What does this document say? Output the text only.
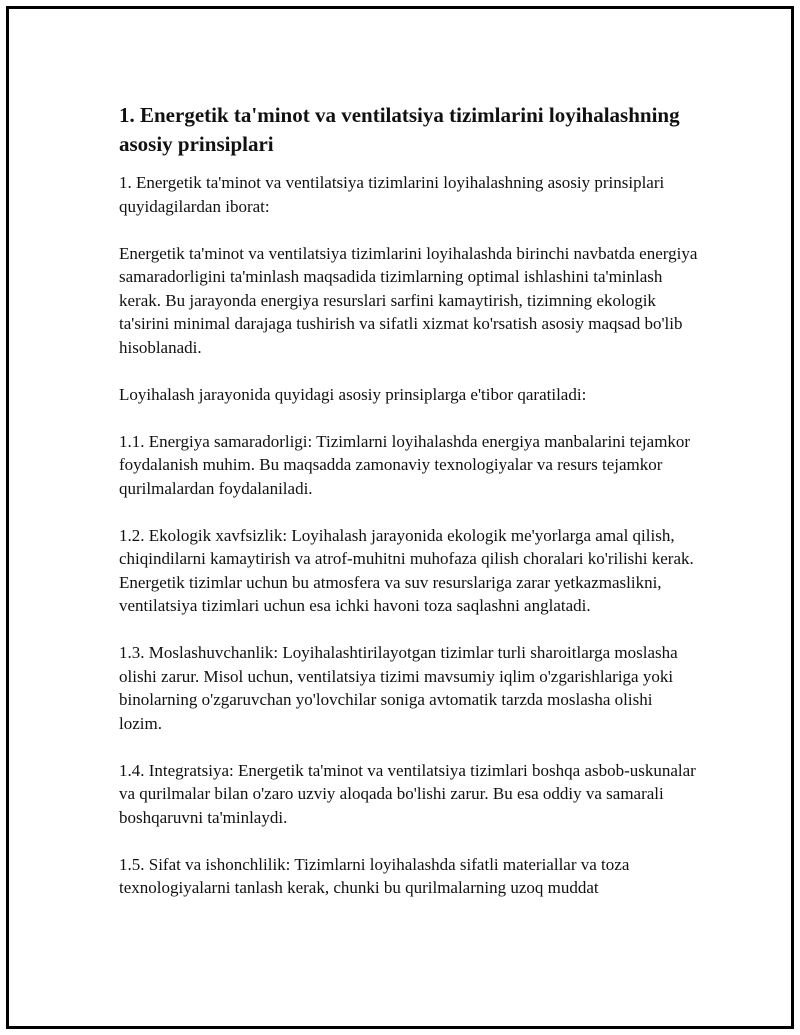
1. Energetik ta'minot va ventilatsiya tizimlarini loyihalashning asosiy prinsiplari

1. Energetik ta'minot va ventilatsiya tizimlarini loyihalashning asosiy prinsiplari quyidagilardan iborat:

Energetik ta'minot va ventilatsiya tizimlarini loyihalashda birinchi navbatda energiya samaradorligini ta'minlash maqsadida tizimlarning optimal ishlashini ta'minlash kerak. Bu jarayonda energiya resurslari sarfini kamaytirish, tizimning ekologik ta'sirini minimal darajaga tushirish va sifatli xizmat ko'rsatish asosiy maqsad bo'lib hisoblanadi.

Loyihalash jarayonida quyidagi asosiy prinsiplarga e'tibor qaratiladi:

1.1. Energiya samaradorligi: Tizimlarni loyihalashda energiya manbalarini tejamkor foydalanish muhim. Bu maqsadda zamonaviy texnologiyalar va resurs tejamkor qurilmalardan foydalaniladi.

1.2. Ekologik xavfsizlik: Loyihalash jarayonida ekologik me'yorlarga amal qilish, chiqindilarni kamaytirish va atrof-muhitni muhofaza qilish choralari ko'rilishi kerak. Energetik tizimlar uchun bu atmosfera va suv resurslariga zarar yetkazmaslikni, ventilatsiya tizimlari uchun esa ichki havoni toza saqlashni anglatadi.

1.3. Moslashuvchanlik: Loyihalashtirilayotgan tizimlar turli sharoitlarga moslasha olishi zarur. Misol uchun, ventilatsiya tizimi mavsumiy iqlim o'zgarishlariga yoki binolarning o'zgaruvchan yo'lovchilar soniga avtomatik tarzda moslasha olishi lozim.

1.4. Integratsiya: Energetik ta'minot va ventilatsiya tizimlari boshqa asbob-uskunalar va qurilmalar bilan o'zaro uzviy aloqada bo'lishi zarur. Bu esa oddiy va samarali boshqaruvni ta'minlaydi.

1.5. Sifat va ishonchlilik: Tizimlarni loyihalashda sifatli materiallar va toza texnologiyalarni tanlash kerak, chunki bu qurilmalarning uzoq muddat
